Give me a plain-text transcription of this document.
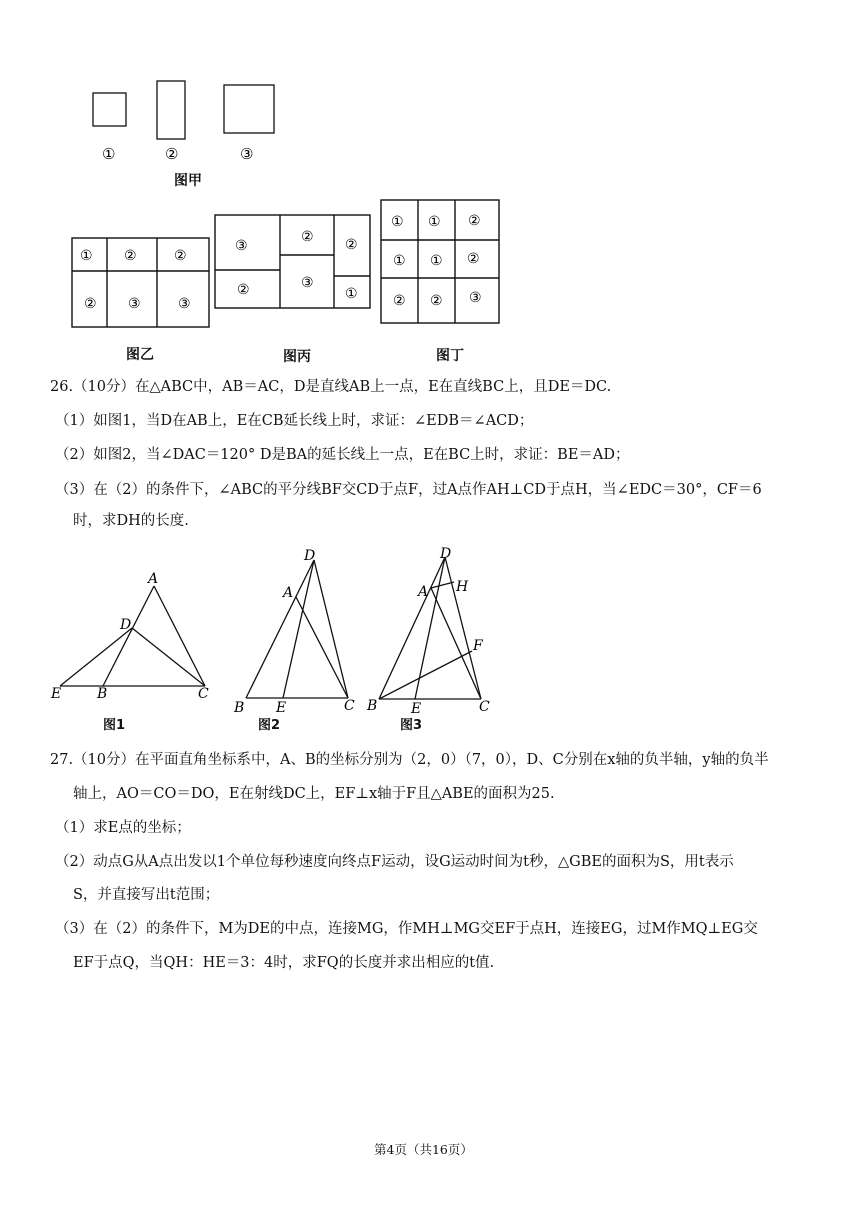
①	②	③
图甲
① ②	②
② ③	③
图乙
③
② ②
②	③
①
图丙
① ① ②
① ① ②
② ② ③
图丁
26.（10分）在△ABC中，AB＝AC，D是直线AB上一点，E在直线BC上，且DE＝DC.
（1）如图1，当D在AB上，E在CB延长线上时，求证：∠EDB＝∠ACD；
（2）如图2，当∠DAC＝120° D是BA的延长线上一点，E在BC上时，求证：BE＝AD；
（3）在（2）的条件下，∠ABC的平分线BF交CD于点F，过A点作AH⊥CD于点H，当∠EDC＝30°，CF＝6
时，求DH的长度.
A
D
E	B	C
图1
D
A
B E	C
图2
D
A H
F
B E	C
图3
27.（10分）在平面直角坐标系中，A、B的坐标分别为（2，0）（7，0），D、C分别在x轴的负半轴，y轴的负半
轴上，AO＝CO＝DO，E在射线DC上，EF⊥x轴于F且△ABE的面积为25.
（1）求E点的坐标；
（2）动点G从A点出发以1个单位每秒速度向终点F运动，设G运动时间为t秒，△GBE的面积为S，用t表示
S，并直接写出t范围；
（3）在（2）的条件下，M为DE的中点，连接MG，作MH⊥MG交EF于点H，连接EG，过M作MQ⊥EG交
EF于点Q，当QH：HE＝3：4时，求FQ的长度并求出相应的t值.
第4页（共16页）
